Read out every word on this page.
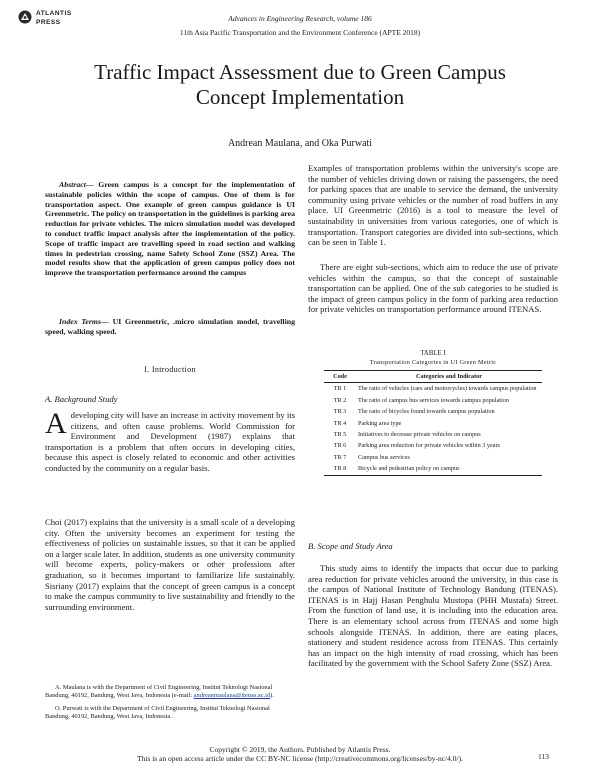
ATLANTIS
PRESS	Advances in Engineering Research, volume 186
11th Asia Pacific Transportation and the Environment Conference (APTE 2018)
Traffic Impact Assessment due to Green Campus Concept Implementation
Andrean Maulana, and Oka Purwati

Abstract— Green campus is a concept for the implementation of sustainable policies within the scope of campus. One of them is for transportation aspect. One example of green campus guidance is UI Greenmetric. The policy on transportation in the guidelines is parking area reduction for private vehicles. The micro simulation model was developed to conduct traffic impact analysis after the implementation of the policy. Scope of traffic impact are travelling speed in road section and walking times in pedestrian crossing, name Safety School Zone (SSZ) Area. The model results show that the application of green campus policy does not improve the transportation performance around the campus

Index Terms— UI Greenmetric, .micro simulation model, travelling speed, walking speed.

I. Introduction
A. Background Study

Adeveloping city will have an increase in activity movement by its citizens, and often cause problems. World Commission for Environment and Development (1987) explains that transportation is a problem that often occurs in developing cities, because this aspect is closely related to economic and other activities conducted by the community on a regular basis.

Choi (2017) explains that the university is a small scale of a developing city. Often the university becomes an experiment for testing the effectiveness of policies on sustainable issues, so that it can be applied on a larger scale later. In addition, students as one university community will become experts, policy-makers or other professions after graduation, so it becomes important to familiarize life sustainably. Sisriany (2017) explains that the concept of green campus is a concept to make the campus community to live sustainability and friendly to the surrounding environment.

A. Maulana is with the Department of Civil Engineering, Institut Teknologi Nasional Bandung, 40192, Bandung, West Java, Indonesia (e-mail: andreanmaulana@itenas.ac.id).

O. Purwati is with the Department of Civil Engineering, Institut Teknologi Nasional Bandung, 40192, Bandung, West Java, Indonesia.

Examples of transportation problems within the university's scope are the number of vehicles driving down or raising the passengers, the need for parking spaces that are unable to service the demand, the university community using private vehicles or the number of road buffers in any place. UI Greenmetric (2016) is a tool to measure the level of sustainability in universities from various categories, one of which is transportation. Transport categories are divided into sub-sections, which can be seen in Table 1.

There are eight sub-sections, which aim to reduce the use of private vehicles within the campus, so that the concept of sustainable transportation can be applied. One of the sub categories to be studied is the impact of green campus policy in the form of parking area reduction for private vehicles on transportation performance around ITENAS.

TABLE I
Transportation Categories in UI Green Metric
Code	Categories and Indicator
TR 1	The ratio of vehicles (cars and motorcycles) towards campus population
TR 2	The ratio of campus bus services towards campus population
TR 3	The ratio of bicycles found towards campus population
TR 4	Parking area type
TR 5	Initiatives to decrease private vehicles on campus
TR 6	Parking area reduction for private vehicles within 3 years
TR 7	Campus bus services
TR 8	Bicycle and pedestrian policy on campus
B. Scope and Study Area

This study aims to identify the impacts that occur due to parking area reduction for private vehicles around the university, in this case is the campus of National Institute of Technology Bandung (ITENAS). ITENAS is in Hajj Hasan Penghulu Mustopa (PHH Mustafa) Street. From the function of land use, it is including into the education area. There is an elementary school across from ITENAS and some high schools alongside ITENAS. In addition, there are eating places, stationery and student residence across from ITENAS. This certainly has an impact on the high intensity of road crossing, which has been facilitated by the government with the School Safety Zone (SSZ) Area.

Copyright © 2019, the Authors. Published by Atlantis Press.
This is an open access article under the CC BY-NC license (http://creativecommons.org/licenses/by-nc/4.0/).	113
